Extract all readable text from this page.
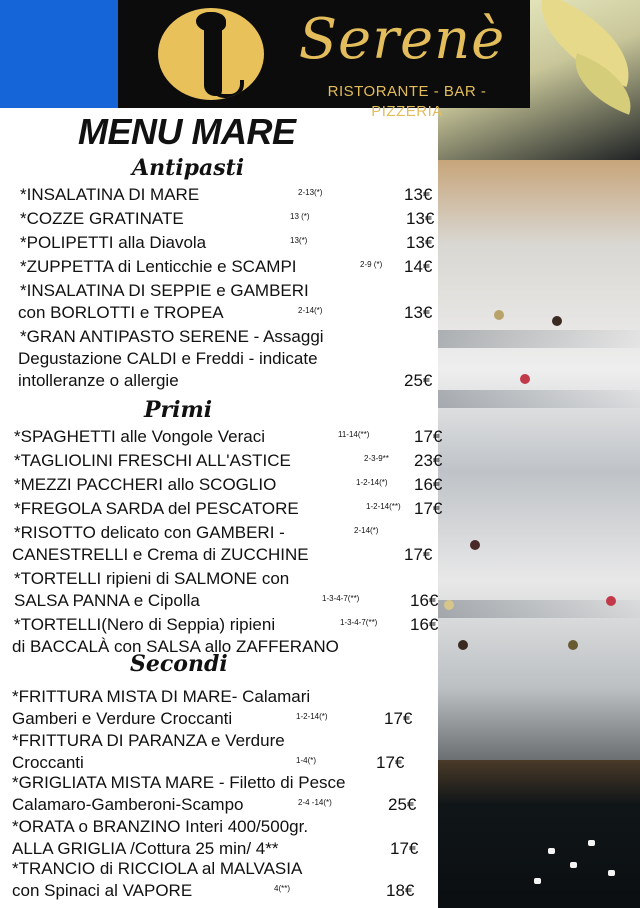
Serenè
RISTORANTE - BAR - PIZZERIA
MENU MARE
Antipasti
*INSALATINA DI MARE	2-13(*)	13€
*COZZE GRATINATE	13 (*)	13€
*POLIPETTI alla Diavola	13(*)	13€
*ZUPPETTA di Lenticchie e SCAMPI	2-9 (*) 14€
*INSALATINA DI SEPPIE e GAMBERI
con BORLOTTI e TROPEA	2-14(*)	13€
*GRAN ANTIPASTO SERENE - Assaggi
Degustazione CALDI e Freddi - indicate
intolleranze o allergie	25€
Primi
*SPAGHETTI alle Vongole Veraci	11-14(**)	17€
*TAGLIOLINI FRESCHI ALL'ASTICE	2-3-9** 23€
*MEZZI PACCHERI allo SCOGLIO	1-2-14(*) 16€
*FREGOLA SARDA del PESCATORE	1-2-14(**) 17€
*RISOTTO delicato con GAMBERI -	2-14(*)
CANESTRELLI e Crema di ZUCCHINE	17€
*TORTELLI ripieni di SALMONE con
SALSA PANNA e Cipolla	1-3-4-7(**)	16€
*TORTELLI(Nero di Seppia) ripieni	1-3-4-7(**) 16€
di BACCALÀ con SALSA allo ZAFFERANO
Secondi
*FRITTURA MISTA DI MARE- Calamari
Gamberi e Verdure Croccanti	1-2-14(*)	17€
*FRITTURA DI PARANZA e Verdure
Croccanti	1-4(*)	17€
*GRIGLIATA MISTA MARE - Filetto di Pesce
Calamaro-Gamberoni-Scampo	2-4 -14(*)	25€
*ORATA o BRANZINO Interi 400/500gr.
ALLA GRIGLIA /Cottura 25 min/ 4**	17€
*TRANCIO di RICCIOLA al MALVASIA
con Spinaci al VAPORE	4(**)	18€
